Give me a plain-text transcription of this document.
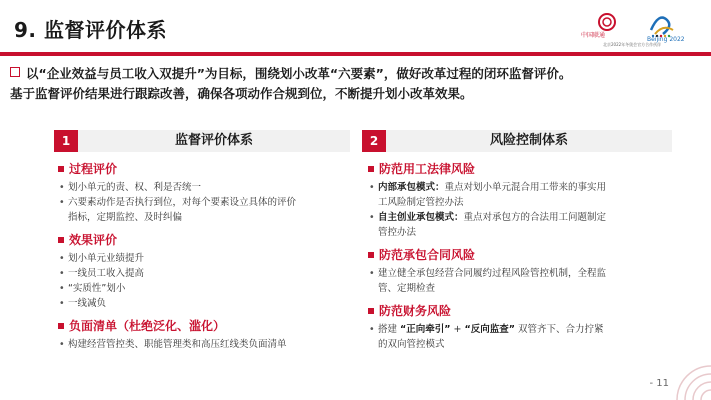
9. 监督评价体系	中国联通
Beijing 2022
北京2022年冬奥会官方合作伙伴
以“企业效益与员工收入双提升”为目标，围绕划小改革“六要素”，做好改革过程的闭环监督评价。
基于监督评价结果进行跟踪改善，确保各项动作合规到位，不断提升划小改革效果。
1	监督评价体系	2	风险控制体系
过程评价
• 划小单元的责、权、利是否统一
• 六要素动作是否执行到位，对每个要素设立具体的评价
指标，定期监控、及时纠偏
效果评价
• 划小单元业绩提升
• 一线员工收入提高
• “实质性”划小
• 一线减负
负面清单（杜绝泛化、滥化）
• 构建经营管控类、职能管理类和高压红线类负面清单
防范用工法律风险
• 内部承包模式：重点对划小单元混合用工带来的事实用
工风险制定管控办法
• 自主创业承包模式：重点对承包方的合法用工问题制定
管控办法
防范承包合同风险
• 建立健全承包经营合同履约过程风险管控机制，全程监
管、定期检查
防范财务风险
• 搭建 “正向牵引” + “反向监查” 双管齐下、合力拧紧
的双向管控模式
- 11
